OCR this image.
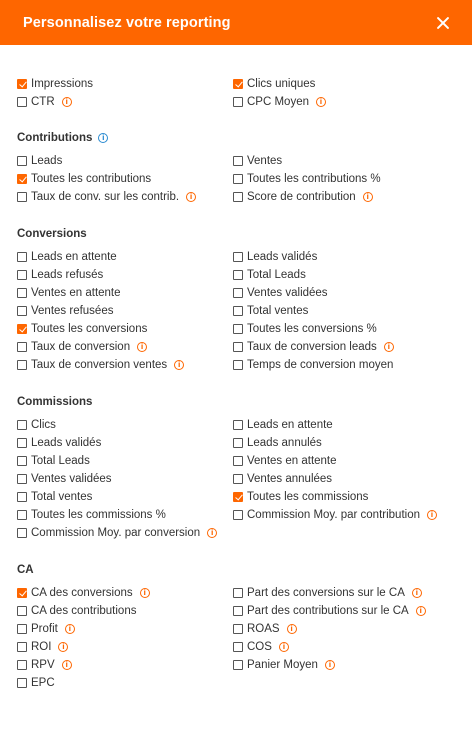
Personnalisez votre reporting
Impressions	Clics uniques
CTR	i	CPC Moyen	i
Contributions	i
Leads	Ventes
Toutes les contributions	Toutes les contributions %
Taux de conv. sur les contrib.	i	Score de contribution	i
Conversions
Leads en attente	Leads validés
Leads refusés	Total Leads
Ventes en attente	Ventes validées
Ventes refusées	Total ventes
Toutes les conversions	Toutes les conversions %
Taux de conversion	i	Taux de conversion leads	i
Taux de conversion ventes	i	Temps de conversion moyen
Commissions
Clics	Leads en attente
Leads validés	Leads annulés
Total Leads	Ventes en attente
Ventes validées	Ventes annulées
Total ventes	Toutes les commissions
Toutes les commissions %	Commission Moy. par contribution	i
Commission Moy. par conversion	i
CA
CA des conversions	i	Part des conversions sur le CA	i
CA des contributions	Part des contributions sur le CA	i
Profit	i	ROAS	i
ROI	i	COS	i
RPV	i	Panier Moyen	i
EPC
